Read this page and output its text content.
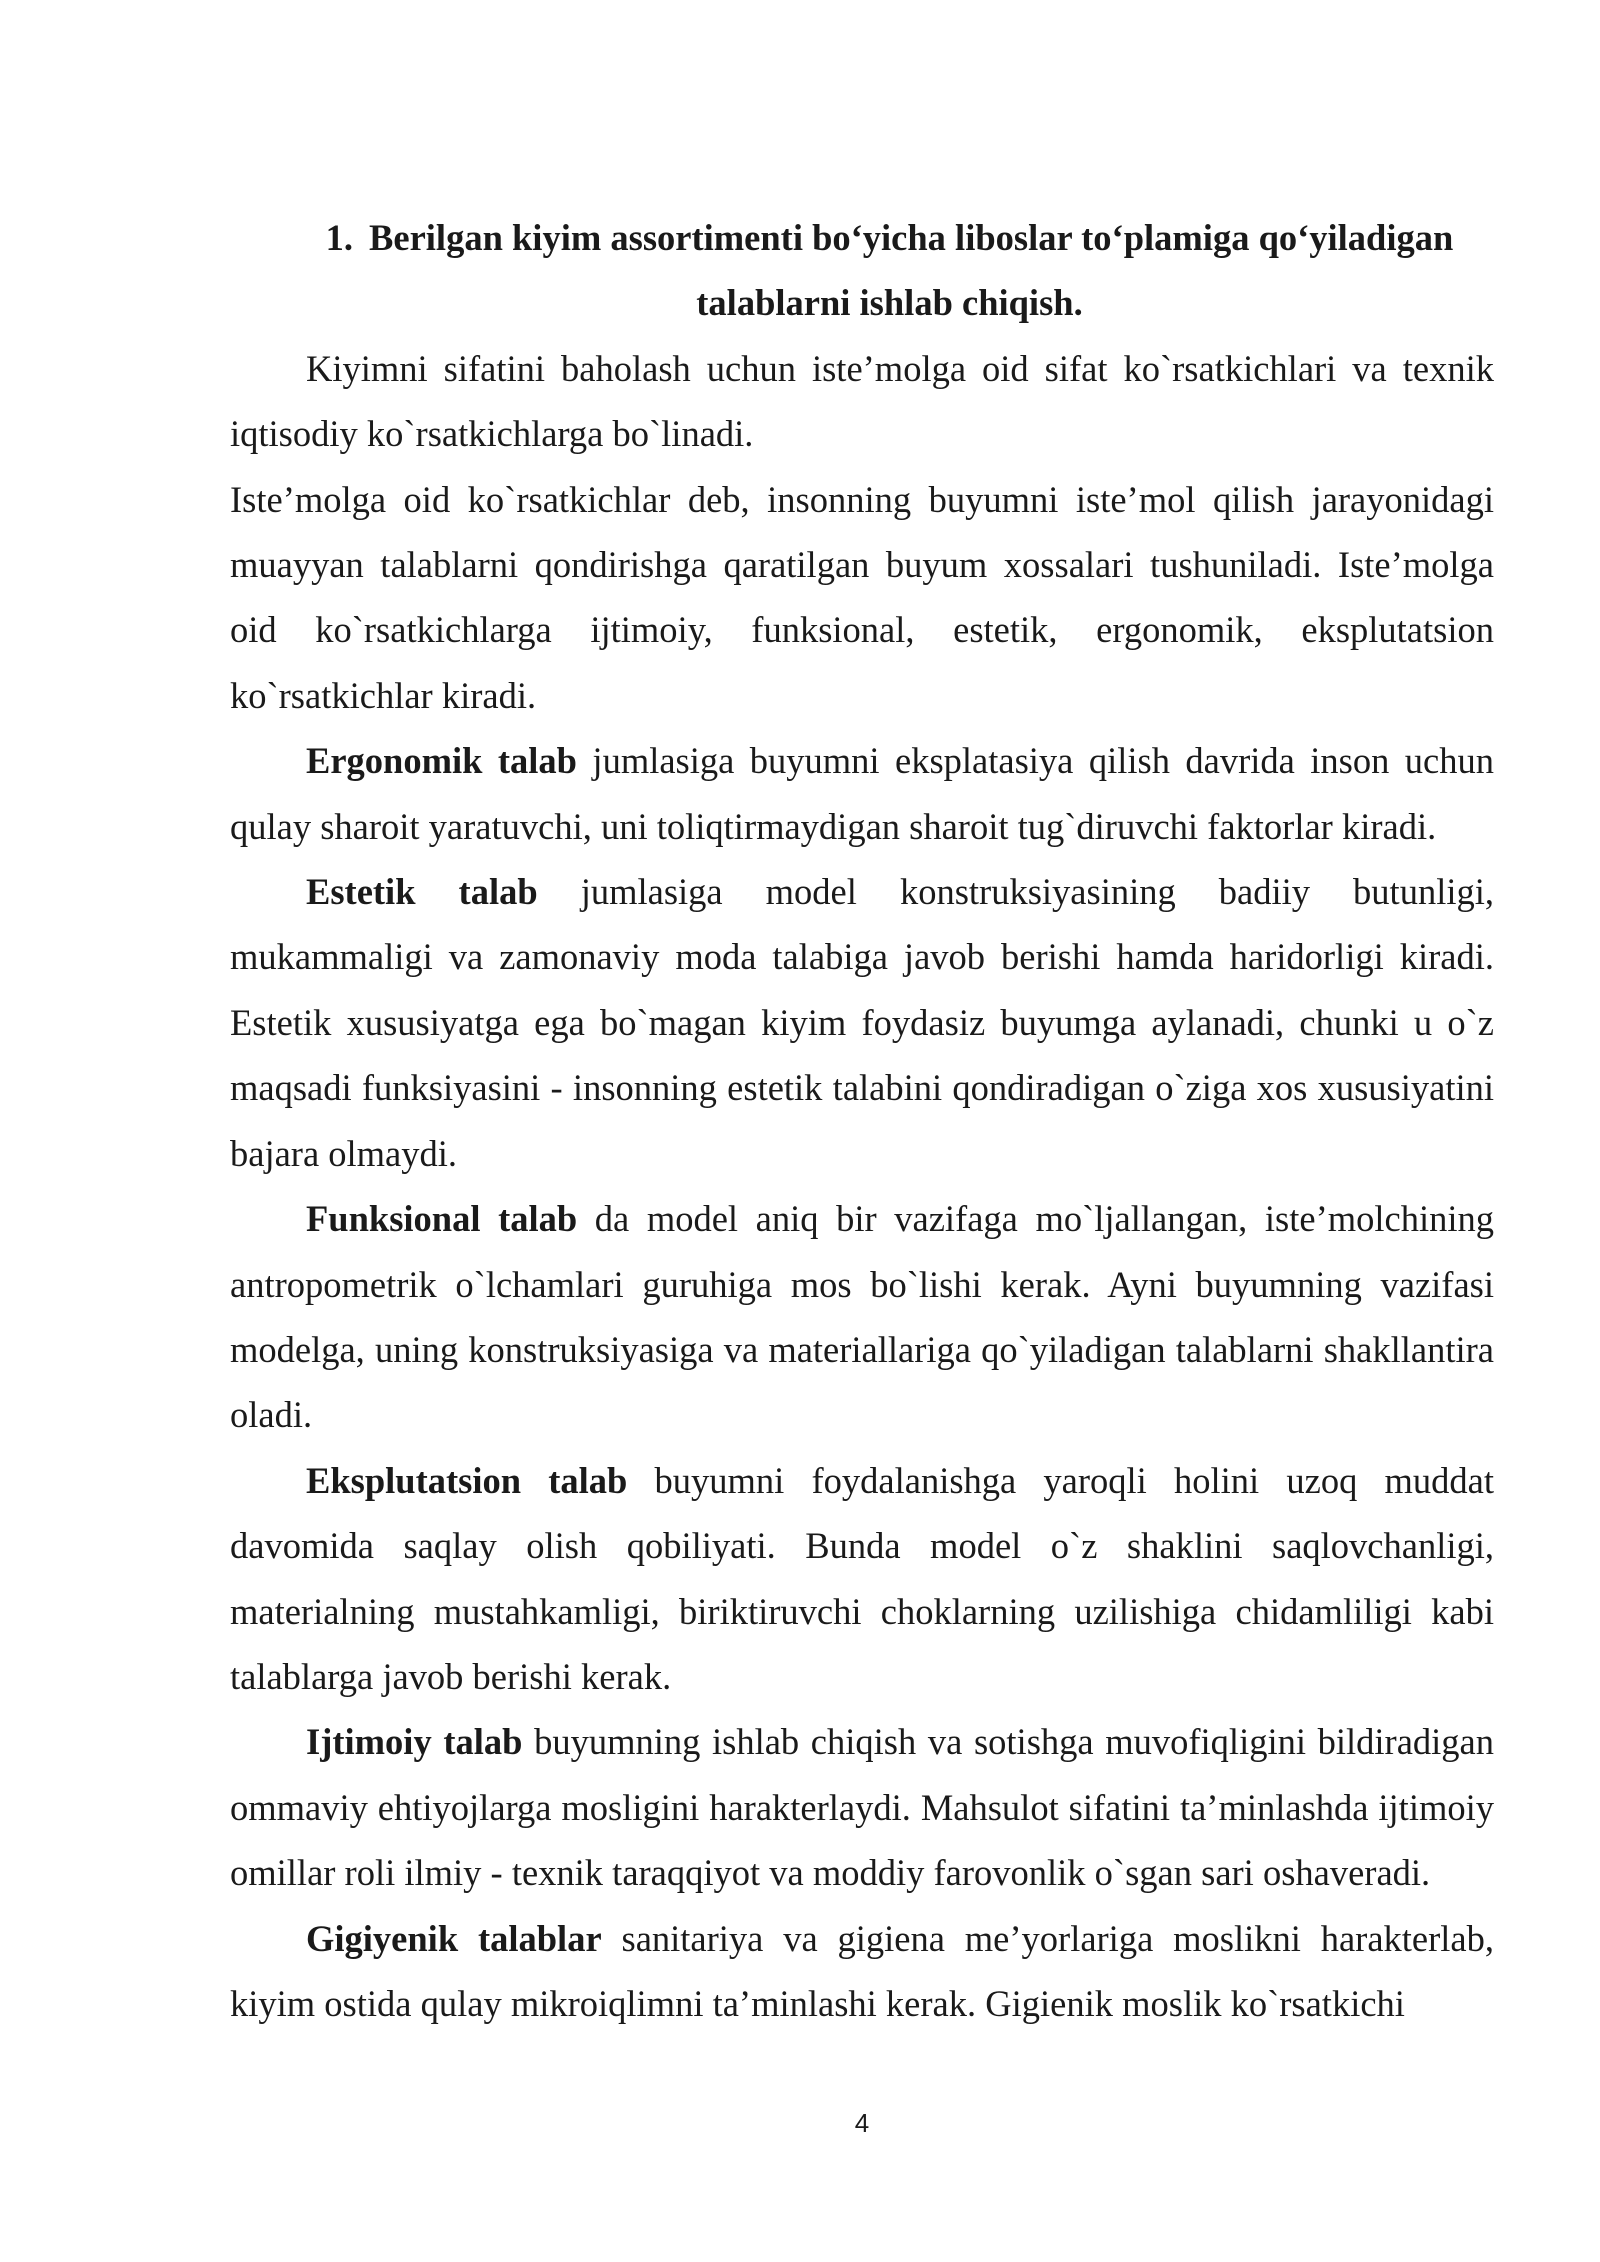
1. Berilgan kiyim assortimenti bo‘yicha liboslar to‘plamiga qo‘yiladigan talablarni ishlab chiqish.

Kiyimni sifatini baholash uchun iste’molga oid sifat ko`rsatkichlari va texnik iqtisodiy ko`rsatkichlarga bo`linadi.

Iste’molga oid ko`rsatkichlar deb, insonning buyumni iste’mol qilish jarayonidagi muayyan talablarni qondirishga qaratilgan buyum xossalari tushuniladi. Iste’molga oid ko`rsatkichlarga ijtimoiy, funksional, estetik, ergonomik, eksplutatsion ko`rsatkichlar kiradi.

Ergonomik talab jumlasiga buyumni eksplatasiya qilish davrida inson uchun qulay sharoit yaratuvchi, uni toliqtirmaydigan sharoit tug`diruvchi faktorlar kiradi.

Estetik talab jumlasiga model konstruksiyasining badiiy butunligi, mukammaligi va zamonaviy moda talabiga javob berishi hamda haridorligi kiradi. Estetik xususiyatga ega bo`magan kiyim foydasiz buyumga aylanadi, chunki u o`z maqsadi funksiyasini - insonning estetik talabini qondiradigan o`ziga xos xususiyatini bajara olmaydi.

Funksional talab da model aniq bir vazifaga mo`ljallangan, iste’molchining antropometrik o`lchamlari guruhiga mos bo`lishi kerak. Ayni buyumning vazifasi modelga, uning konstruksiyasiga va materiallariga qo`yiladigan talablarni shakllantira oladi.

Eksplutatsion talab buyumni foydalanishga yaroqli holini uzoq muddat davomida saqlay olish qobiliyati. Bunda model o`z shaklini saqlovchanligi, materialning mustahkamligi, biriktiruvchi choklarning uzilishiga chidamliligi kabi talablarga javob berishi kerak.

Ijtimoiy talab buyumning ishlab chiqish va sotishga muvofiqligini bildiradigan ommaviy ehtiyojlarga mosligini harakterlaydi. Mahsulot sifatini ta’minlashda ijtimoiy omillar roli ilmiy - texnik taraqqiyot va moddiy farovonlik o`sgan sari oshaveradi.

Gigiyenik talablar sanitariya va gigiena me’yorlariga moslikni harakterlab, kiyim ostida qulay mikroiqlimni ta’minlashi kerak. Gigienik moslik ko`rsatkichi

4
